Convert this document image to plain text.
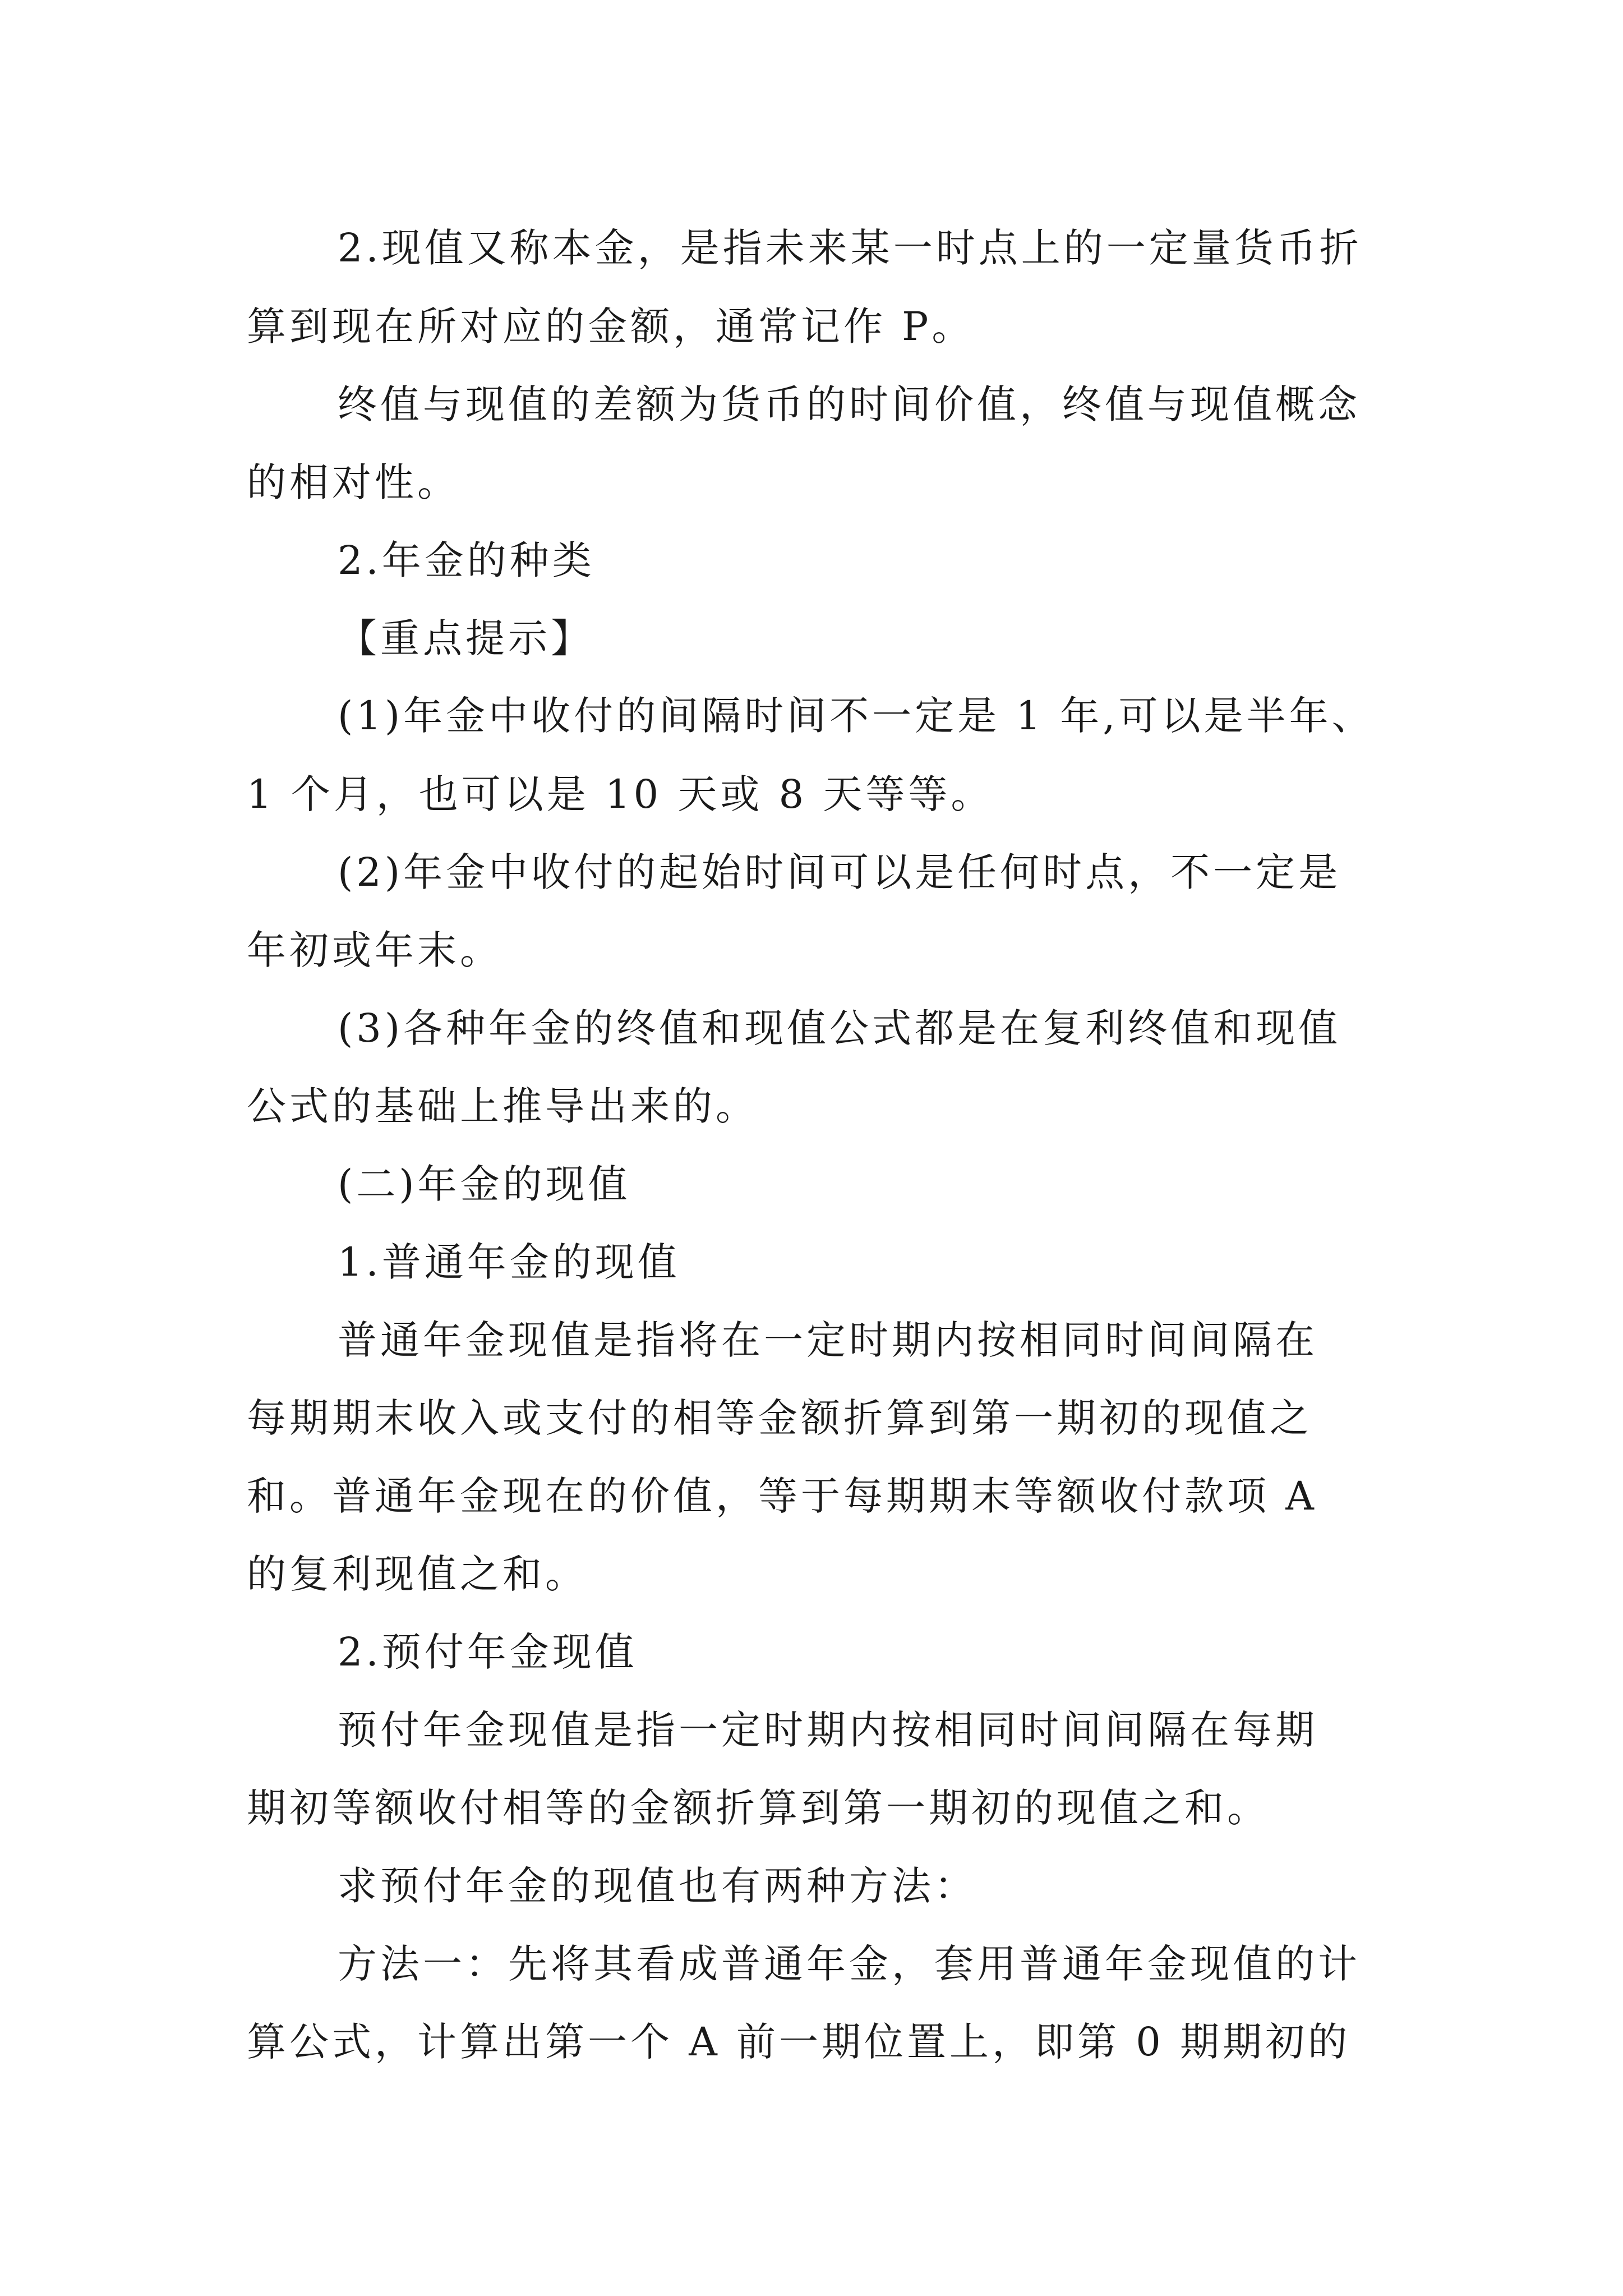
2.现值又称本金，是指未来某一时点上的一定量货币折
算到现在所对应的金额，通常记作 P。
终值与现值的差额为货币的时间价值，终值与现值概念
的相对性。
2.年金的种类
【重点提示】
(1)年金中收付的间隔时间不一定是 1 年,可以是半年、
1 个月，也可以是 10 天或 8 天等等。
(2)年金中收付的起始时间可以是任何时点，不一定是
年初或年末。
(3)各种年金的终值和现值公式都是在复利终值和现值
公式的基础上推导出来的。
(二)年金的现值
1.普通年金的现值
普通年金现值是指将在一定时期内按相同时间间隔在
每期期末收入或支付的相等金额折算到第一期初的现值之
和。普通年金现在的价值，等于每期期末等额收付款项 A
的复利现值之和。
2.预付年金现值
预付年金现值是指一定时期内按相同时间间隔在每期
期初等额收付相等的金额折算到第一期初的现值之和。
求预付年金的现值也有两种方法：
方法一：先将其看成普通年金，套用普通年金现值的计
算公式，计算出第一个 A 前一期位置上，即第 0 期期初的
